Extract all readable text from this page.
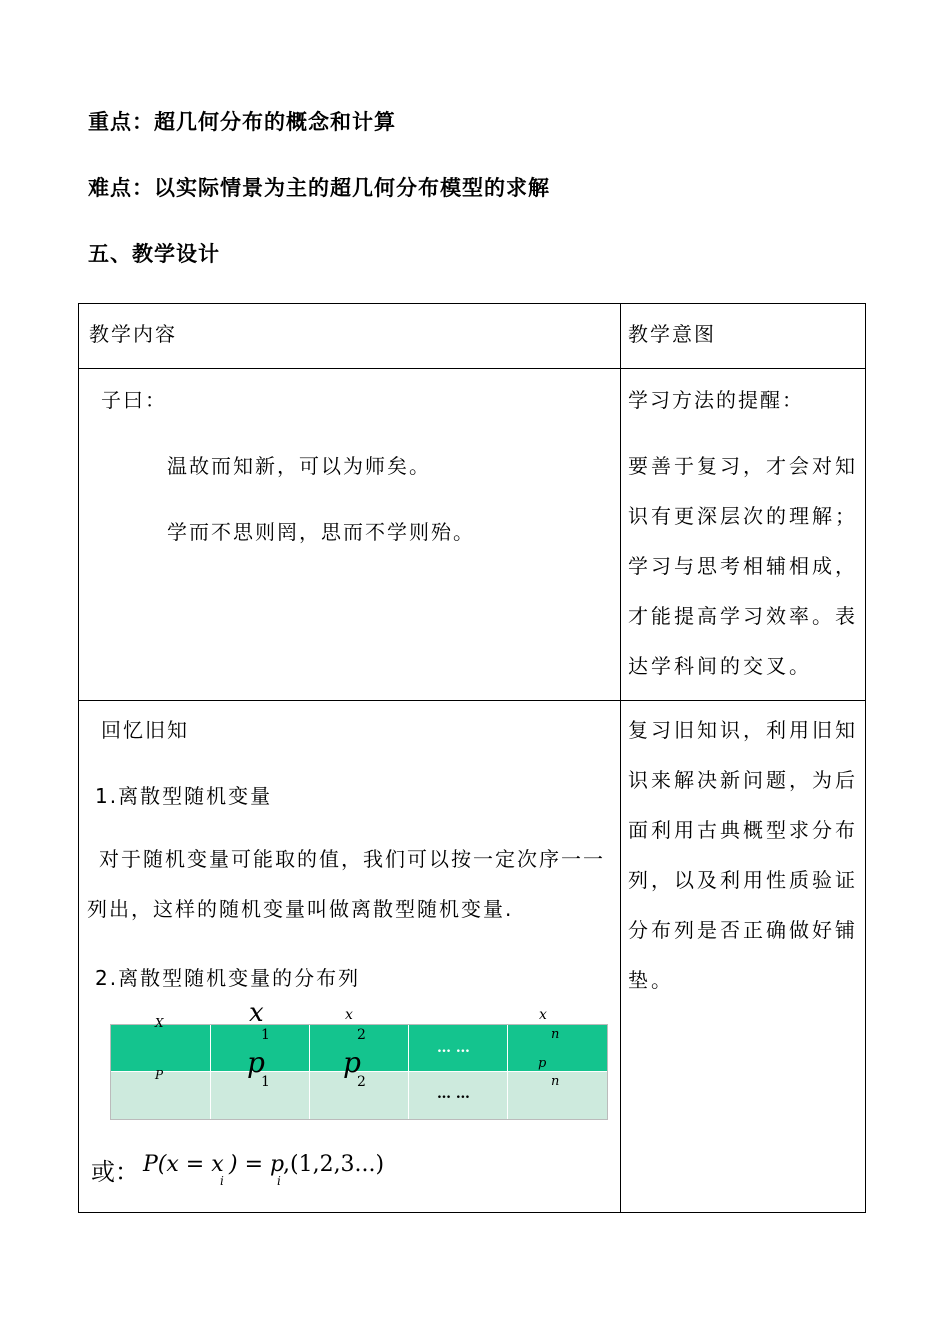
重点：超几何分布的概念和计算
难点：以实际情景为主的超几何分布模型的求解
五、教学设计
教学内容	教学意图
子曰：
温故而知新，可以为师矣。
学而不思则罔，思而不学则殆。
学习方法的提醒：
要善于复习，才会对知
识有更深层次的理解；
学习与思考相辅相成，
才能提高学习效率。表
达学科间的交叉。
回忆旧知
1.离散型随机变量
对于随机变量可能取的值，我们可以按一定次序一一列出，这样的随机变量叫做离散型随机变量.
2.离散型随机变量的分布列
X
P
x
1
x
2
x
n
… …
p
1
p
2
p
n
… …
或： P(x = x
i
) = p
i
,(1,2,3...)
复习旧知识，利用旧知
识来解决新问题，为后
面利用古典概型求分布
列，以及利用性质验证
分布列是否正确做好铺
垫。
